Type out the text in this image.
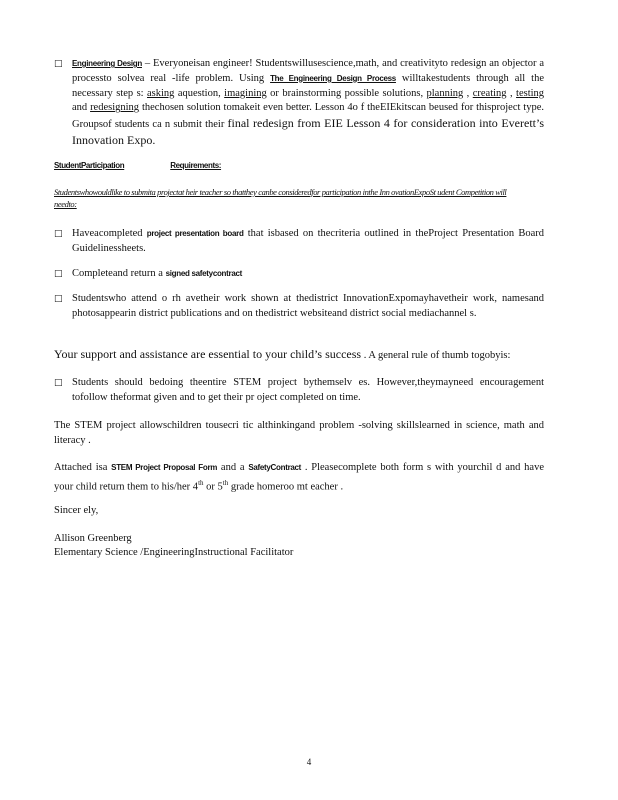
□ Engineering Design – Everyoneisan engineer! Studentswillusescience,math, and creativityto redesign an objector a processto solvea real -life problem. Using The Engineering Design Process willtakestudents through all the necessary step s: asking aquestion, imagining or brainstorming possible solutions, planning , creating , testing and redesigning thechosen solution tomakeit even better. Lesson 4o f theEIEkitscan beused for thisproject type. Groupsof students ca n submit their final redesign from EIE Lesson 4 for consideration into Everett’s Innovation Expo.
StudentParticipation	Requirements:
Studentswhowouldlike to submita projectat heir teacher so thatthey canbe consideredfor participation inthe Inn ovationExpoSt udent Competition will needto:
□ Haveacompleted project presentation board that isbased on thecriteria outlined in theProject Presentation Board Guidelinessheets.
□ Completeand return a signed safetycontract
□ Studentswho attend o rh avetheir work shown at thedistrict InnovationExpomayhavetheir work, namesand photosappearin district publications and on thedistrict websiteand district social mediachannel s.
Your support and assistance are essential to your child’s success . A general rule of thumb togobyis:
□ Students should bedoing theentire STEM project bythemselv es. However,theymayneed encouragement tofollow theformat given and to get their pr oject completed on time.
The STEM project allowschildren tousecri tic althinkingand problem -solving skillslearned in science, math and literacy .
Attached isa STEM Project Proposal Form and a SafetyContract . Pleasecomplete both form s with yourchil d and have your child return them to his/her 4th or 5th grade homeroo mt eacher .
Sincer ely,
Allison Greenberg
Elementary Science /EngineeringInstructional Facilitator
4
